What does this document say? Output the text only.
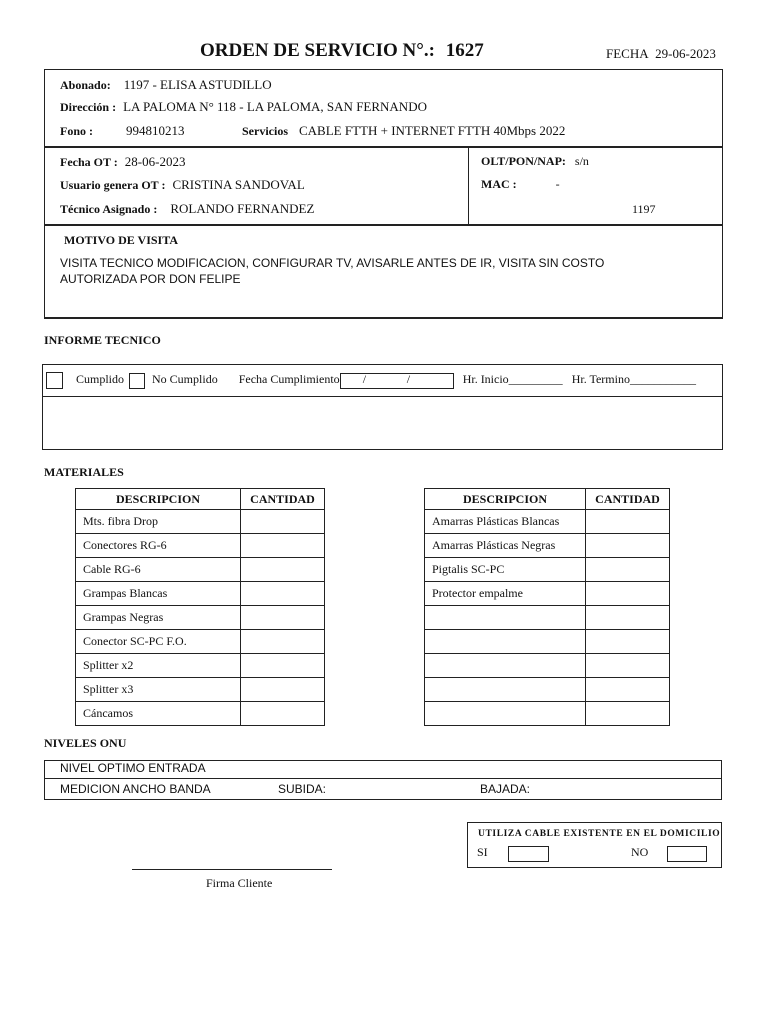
ORDEN DE SERVICIO N°.: 1627	FECHA 29-06-2023
Abonado: 1197 - ELISA ASTUDILLO
Dirección : LA PALOMA N° 118 - LA PALOMA, SAN FERNANDO
Fono :	994810213	Servicios CABLE FTTH + INTERNET FTTH 40Mbps 2022
Fecha OT : 28-06-2023
Usuario genera OT : CRISTINA SANDOVAL
Técnico Asignado : ROLANDO FERNANDEZ
OLT/PON/NAP: s/n
MAC :	-
1197
MOTIVO DE VISITA
VISITA TECNICO MODIFICACION, CONFIGURAR TV, AVISARLE ANTES DE IR, VISITA SIN COSTO
AUTORIZADA POR DON FELIPE
INFORME TECNICO
Cumplido No Cumplido Fecha Cumplimiento /	/	Hr. Inicio_________ Hr. Termino___________
MATERIALES
DESCRIPCION	CANTIDAD
Mts. fibra Drop	
Conectores RG-6	
Cable RG-6	
Grampas Blancas	
Grampas Negras	
Conector SC-PC F.O.	
Splitter x2	
Splitter x3	
Cáncamos	
DESCRIPCION	CANTIDAD
Amarras Plásticas Blancas	
Amarras Plásticas Negras	
Pigtalis SC-PC	
Protector empalme	

NIVELES ONU
NIVEL OPTIMO ENTRADA
MEDICION ANCHO BANDA	SUBIDA:	BAJADA:
UTILIZA CABLE EXISTENTE EN EL DOMICILIO
SI	NO
Firma Cliente
